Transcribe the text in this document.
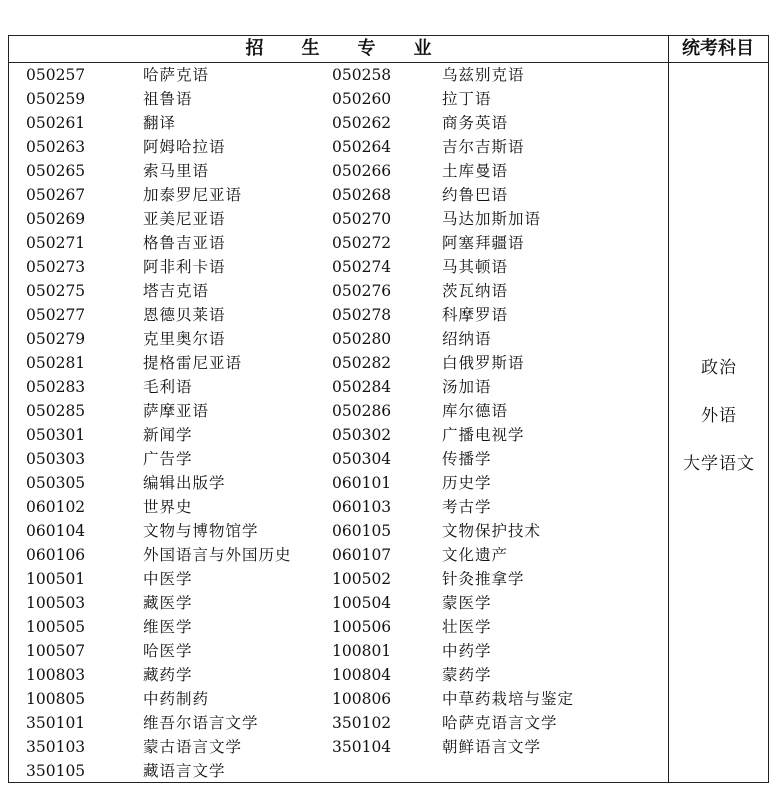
招生专业	统考科目
050257	哈萨克语	050258	乌兹别克语
050259	祖鲁语	050260	拉丁语
050261	翻译	050262	商务英语
050263	阿姆哈拉语	050264	吉尔吉斯语
050265	索马里语	050266	土库曼语
050267	加泰罗尼亚语	050268	约鲁巴语
050269	亚美尼亚语	050270	马达加斯加语
050271	格鲁吉亚语	050272	阿塞拜疆语
050273	阿非利卡语	050274	马其顿语
050275	塔吉克语	050276	茨瓦纳语
050277	恩德贝莱语	050278	科摩罗语
050279	克里奥尔语	050280	绍纳语
050281	提格雷尼亚语	050282	白俄罗斯语
050283	毛利语	050284	汤加语
050285	萨摩亚语	050286	库尔德语
050301	新闻学	050302	广播电视学
050303	广告学	050304	传播学
050305	编辑出版学	060101	历史学
060102	世界史	060103	考古学
060104	文物与博物馆学	060105	文物保护技术
060106	外国语言与外国历史	060107	文化遗产
100501	中医学	100502	针灸推拿学
100503	藏医学	100504	蒙医学
100505	维医学	100506	壮医学
100507	哈医学	100801	中药学
100803	藏药学	100804	蒙药学
100805	中药制药	100806	中草药栽培与鉴定
350101	维吾尔语言文学	350102	哈萨克语言文学
350103	蒙古语言文学	350104	朝鲜语言文学
350105	藏语言文学
政治
外语
大学语文
